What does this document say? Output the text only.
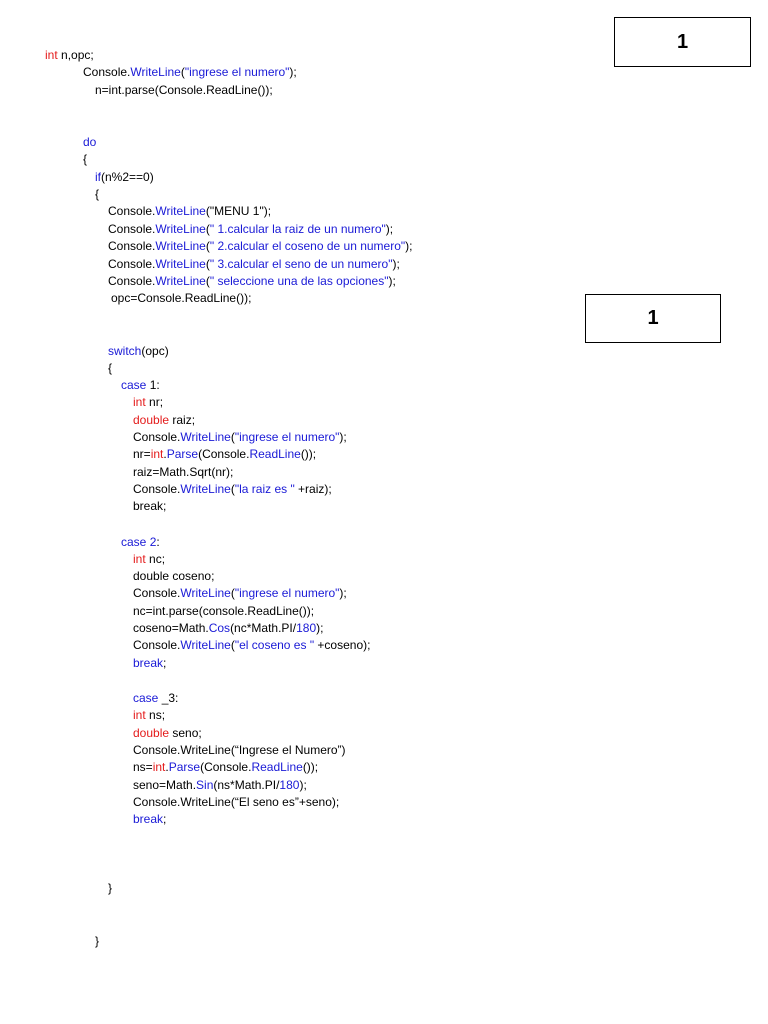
1
1
int n,opc;
Console.WriteLine("ingrese el numero");
n=int.parse(Console.ReadLine());
do
{
if(n%2==0)
{
Console.WriteLine("MENU 1");
Console.WriteLine(" 1.calcular la raiz de un numero");
Console.WriteLine(" 2.calcular el coseno de un numero");
Console.WriteLine(" 3.calcular el seno de un numero");
Console.WriteLine(" seleccione una de las opciones");
opc=Console.ReadLine());
switch(opc)
{
case 1:
int nr;
double raiz;
Console.WriteLine("ingrese el numero");
nr=int.Parse(Console.ReadLine());
raiz=Math.Sqrt(nr);
Console.WriteLine("la raiz es " +raiz);
break;
case 2:
int nc;
double coseno;
Console.WriteLine("ingrese el numero");
nc=int.parse(console.ReadLine());
coseno=Math.Cos(nc*Math.PI/180);
Console.WriteLine("el coseno es " +coseno);
break;
case _3:
int ns;
double seno;
Console.WriteLine(“Ingrese el Numero”)
ns=int.Parse(Console.ReadLine());
seno=Math.Sin(ns*Math.PI/180);
Console.WriteLine(“El seno es”+seno);
break;
}
}
